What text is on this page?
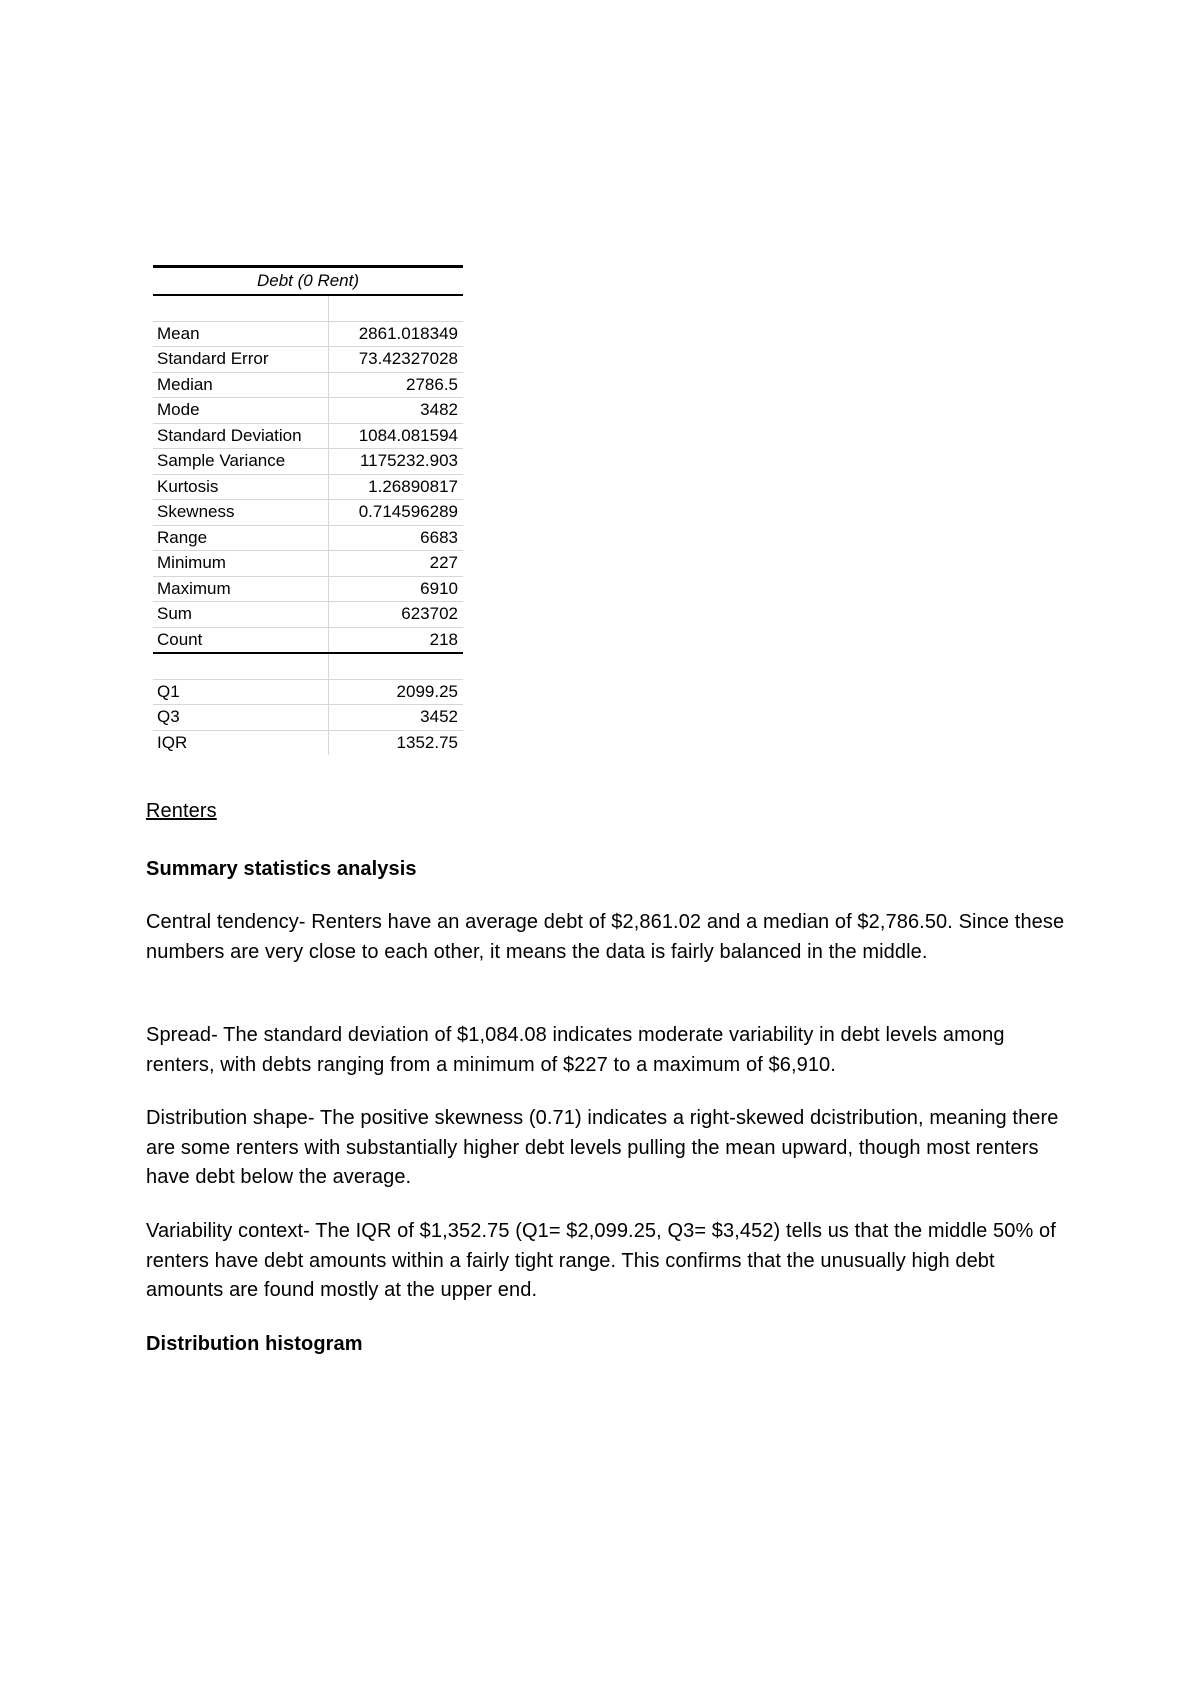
Debt (0 Rent)
Mean	2861.018349
Standard Error	73.42327028
Median	2786.5
Mode	3482
Standard Deviation	1084.081594
Sample Variance	1175232.903
Kurtosis	1.26890817
Skewness	0.714596289
Range	6683
Minimum	227
Maximum	6910
Sum	623702
Count	218
Q1	2099.25
Q3	3452
IQR	1352.75
Renters
Summary statistics analysis

Central tendency- Renters have an average debt of $2,861.02 and a median of $2,786.50. Since these numbers are very close to each other, it means the data is fairly balanced in the middle.

Spread- The standard deviation of $1,084.08 indicates moderate variability in debt levels among renters, with debts ranging from a minimum of $227 to a maximum of $6,910.

Distribution shape- The positive skewness (0.71) indicates a right-skewed dcistribution, meaning there are some renters with substantially higher debt levels pulling the mean upward, though most renters have debt below the average.

Variability context- The IQR of $1,352.75 (Q1= $2,099.25, Q3= $3,452) tells us that the middle 50% of renters have debt amounts within a fairly tight range. This confirms that the unusually high debt amounts are found mostly at the upper end.

Distribution histogram
